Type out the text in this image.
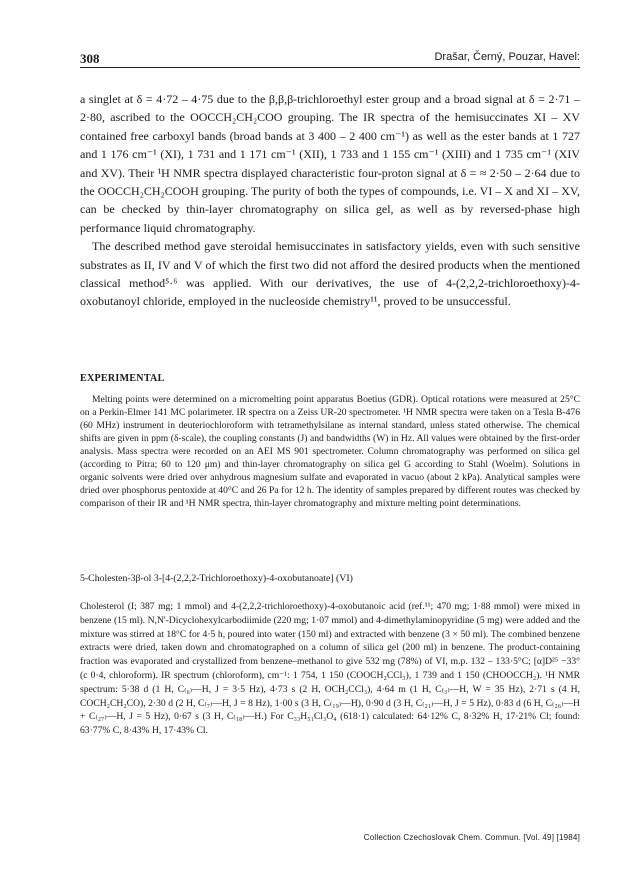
308	Drašar, Černý, Pouzar, Havel:

a singlet at δ = 4·72 – 4·75 due to the β,β,β-trichloroethyl ester group and a broad signal at δ = 2·71 – 2·80, ascribed to the OOCCH₂CH₂COO grouping. The IR spectra of the hemisuccinates XI – XV contained free carboxyl bands (broad bands at 3 400 – 2 400 cm⁻¹) as well as the ester bands at 1 727 and 1 176 cm⁻¹ (XI), 1 731 and 1 171 cm⁻¹ (XII), 1 733 and 1 155 cm⁻¹ (XIII) and 1 735 cm⁻¹ (XIV and XV). Their ¹H NMR spectra displayed characteristic four-proton signal at δ = ≈ 2·50 – 2·64 due to the OOCCH₂CH₂COOH grouping. The purity of both the types of compounds, i.e. VI – X and XI – XV, can be checked by thin-layer chromatography on silica gel, as well as by reversed-phase high performance liquid chromatography.

The described method gave steroidal hemisuccinates in satisfactory yields, even with such sensitive substrates as II, IV and V of which the first two did not afford the desired products when the mentioned classical method⁵·⁶ was applied. With our derivatives, the use of 4-(2,2,2-trichloroethoxy)-4-oxobutanoyl chloride, employed in the nucleoside chemistry¹¹, proved to be unsuccessful.

EXPERIMENTAL

Melting points were determined on a micromelting point apparatus Boetius (GDR). Optical rotations were measured at 25°C on a Perkin-Elmer 141 MC polarimeter. IR spectra on a Zeiss UR-20 spectrometer. ¹H NMR spectra were taken on a Tesla B-476 (60 MHz) instrument in deuteriochloroform with tetramethylsilane as internal standard, unless stated otherwise. The chemical shifts are given in ppm (δ-scale), the coupling constants (J) and bandwidths (W) in Hz. All values were obtained by the first-order analysis. Mass spectra were recorded on an AEI MS 901 spectrometer. Column chromatography was performed on silica gel (according to Pitra; 60 to 120 μm) and thin-layer chromatography on silica gel G according to Stahl (Woelm). Solutions in organic solvents were dried over anhydrous magnesium sulfate and evaporated in vacuo (about 2 kPa). Analytical samples were dried over phosphorus pentoxide at 40°C and 26 Pa for 12 h. The identity of samples prepared by different routes was checked by comparison of their IR and ¹H NMR spectra, thin-layer chromatography and mixture melting point determinations.

5-Cholesten-3β-ol 3-[4-(2,2,2-Trichloroethoxy)-4-oxobutanoate] (VI)

Cholesterol (I; 387 mg; 1 mmol) and 4-(2,2,2-trichloroethoxy)-4-oxobutanoic acid (ref.¹¹; 470 mg; 1·88 mmol) were mixed in benzene (15 ml). N,N'-Dicyclohexylcarbodiimide (220 mg; 1·07 mmol) and 4-dimethylaminopyridine (5 mg) were added and the mixture was stirred at 18°C for 4·5 h, poured into water (150 ml) and extracted with benzene (3 × 50 ml). The combined benzene extracts were dried, taken down and chromatographed on a column of silica gel (200 ml) in benzene. The product-containing fraction was evaporated and crystallized from benzene–methanol to give 532 mg (78%) of VI, m.p. 132 – 133·5°C; [α]D²⁵ −33° (c 0·4, chloroform). IR spectrum (chloroform), cm⁻¹: 1 754, 1 150 (COOCH₂CCl₃), 1 739 and 1 150 (CHOOCCH₂). ¹H NMR spectrum: 5·38 d (1 H, C₍₆₎—H, J = 3·5 Hz), 4·73 s (2 H, OCH₂CCl₃), 4·64 m (1 H, C₍₃₎—H, W = 35 Hz), 2·71 s (4 H, COCH₂CH₂CO), 2·30 d (2 H, C₍₇₎—H, J = 8 Hz), 1·00 s (3 H, C₍₁₉₎—H), 0·90 d (3 H, C₍₂₁₎—H, J = 5 Hz), 0·83 d (6 H, C₍₂₆₎—H + C₍₂₇₎—H, J = 5 Hz), 0·67 s (3 H, C₍₁₈₎—H.) For C₃₃H₅₁Cl₃O₄ (618·1) calculated: 64·12% C, 8·32% H, 17·21% Cl; found: 63·77% C, 8·43% H, 17·43% Cl.

Collection Czechoslovak Chem. Commun. [Vol. 49] [1984]
